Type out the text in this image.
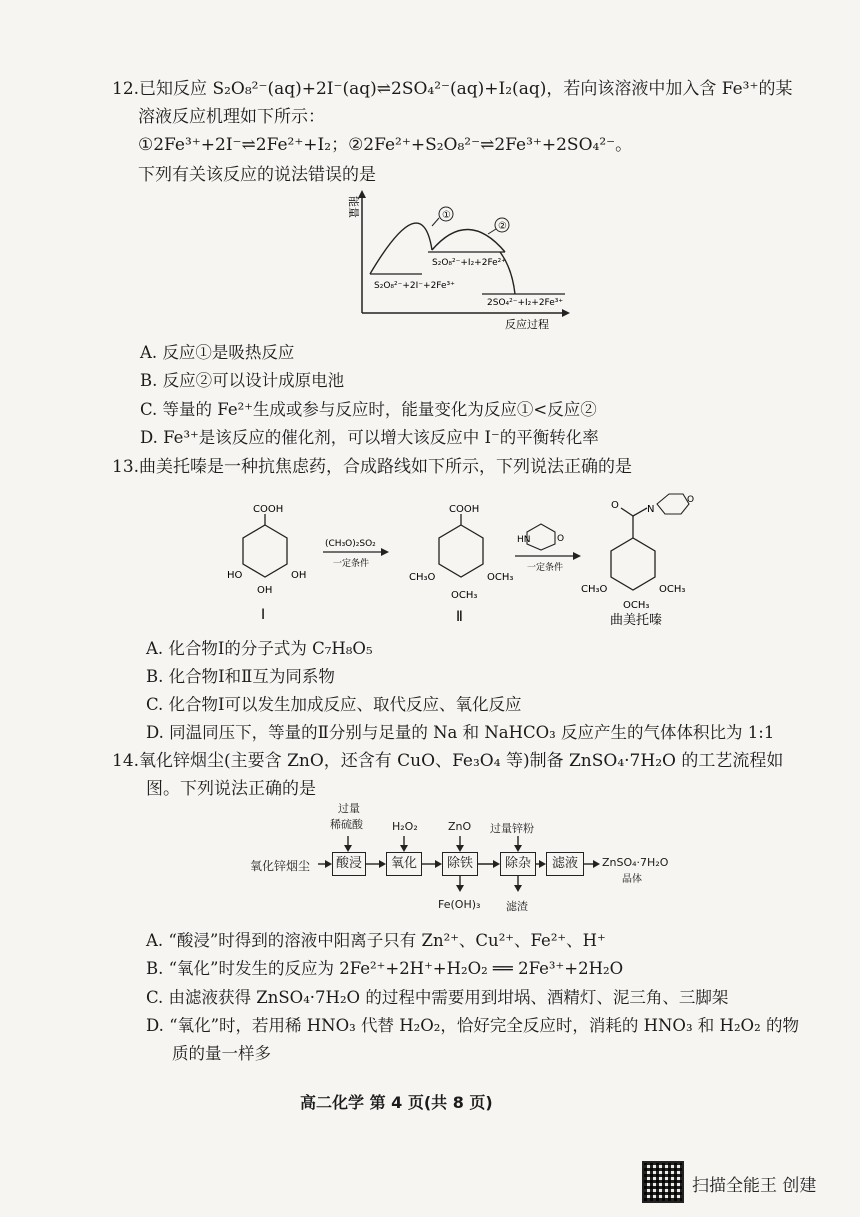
12.已知反应 S₂O₈²⁻(aq)+2I⁻(aq)⇌2SO₄²⁻(aq)+I₂(aq)，若向该溶液中加入含 Fe³⁺的某
溶液反应机理如下所示：
①2Fe³⁺+2I⁻⇌2Fe²⁺+I₂；②2Fe²⁺+S₂O₈²⁻⇌2Fe³⁺+2SO₄²⁻。
下列有关该反应的说法错误的是
能量
反应过程
①
②
S₂O₈²⁻+2I⁻+2Fe³⁺
S₂O₈²⁻+I₂+2Fe²⁺
2SO₄²⁻+I₂+2Fe³⁺
A. 反应①是吸热反应
B. 反应②可以设计成原电池
C. 等量的 Fe²⁺生成或参与反应时，能量变化为反应①<反应②
D. Fe³⁺是该反应的催化剂，可以增大该反应中 I⁻的平衡转化率
13.曲美托嗪是一种抗焦虑药，合成路线如下所示，下列说法正确的是
COOH
HO	OH
OH
Ⅰ
(CH₃O)₂SO₂
一定条件
COOH
CH₃O	OCH₃
OCH₃
Ⅱ
HN	O
一定条件
O	N
O
CH₃O	OCH₃
OCH₃
曲美托嗪
A. 化合物Ⅰ的分子式为 C₇H₈O₅
B. 化合物Ⅰ和Ⅱ互为同系物
C. 化合物Ⅰ可以发生加成反应、取代反应、氧化反应
D. 同温同压下，等量的Ⅱ分别与足量的 Na 和 NaHCO₃ 反应产生的气体体积比为 1:1
14.氧化锌烟尘(主要含 ZnO，还含有 CuO、Fe₃O₄ 等)制备 ZnSO₄·7H₂O 的工艺流程如
图。下列说法正确的是
氧化锌烟尘	酸浸	氧化	除铁	除杂	滤液	ZnSO₄·7H₂O
晶体
过量
稀硫酸	H₂O₂	ZnO 过量锌粉
Fe(OH)₃ 滤渣
A. “酸浸”时得到的溶液中阳离子只有 Zn²⁺、Cu²⁺、Fe²⁺、H⁺
B. “氧化”时发生的反应为 2Fe²⁺+2H⁺+H₂O₂ ══ 2Fe³⁺+2H₂O
C. 由滤液获得 ZnSO₄·7H₂O 的过程中需要用到坩埚、酒精灯、泥三角、三脚架
D. “氧化”时，若用稀 HNO₃ 代替 H₂O₂，恰好完全反应时，消耗的 HNO₃ 和 H₂O₂ 的物
质的量一样多
高二化学 第 4 页(共 8 页)
扫描全能王 创建
